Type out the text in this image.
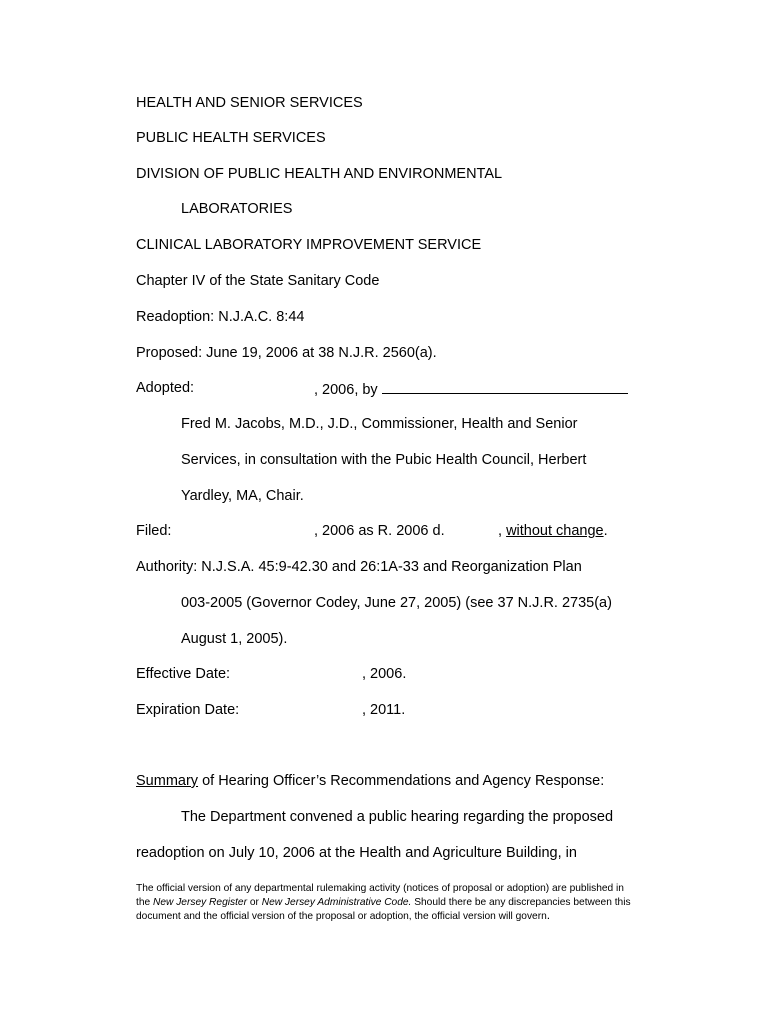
HEALTH AND SENIOR SERVICES

PUBLIC HEALTH SERVICES

DIVISION OF PUBLIC HEALTH AND ENVIRONMENTAL

LABORATORIES

CLINICAL LABORATORY IMPROVEMENT SERVICE

Chapter IV of the State Sanitary Code

Readoption: N.J.A.C. 8:44

Proposed: June 19, 2006 at 38 N.J.R. 2560(a).

Adopted:	, 2006, by

Fred M. Jacobs, M.D., J.D., Commissioner, Health and Senior

Services, in consultation with the Pubic Health Council, Herbert

Yardley, MA, Chair.

Filed:	, 2006 as R. 2006 d.	, without change.

Authority: N.J.S.A. 45:9-42.30 and 26:1A-33 and Reorganization Plan

003-2005 (Governor Codey, June 27, 2005) (see 37 N.J.R. 2735(a)

August 1, 2005).

Effective Date:	, 2006.

Expiration Date:	, 2011.

Summary of Hearing Officer’s Recommendations and Agency Response:

The Department convened a public hearing regarding the proposed

readoption on July 10, 2006 at the Health and Agriculture Building, in

The official version of any departmental rulemaking activity (notices of proposal or adoption) are published in the New Jersey Register or New Jersey Administrative Code. Should there be any discrepancies between this document and the official version of the proposal or adoption, the official version will govern.
